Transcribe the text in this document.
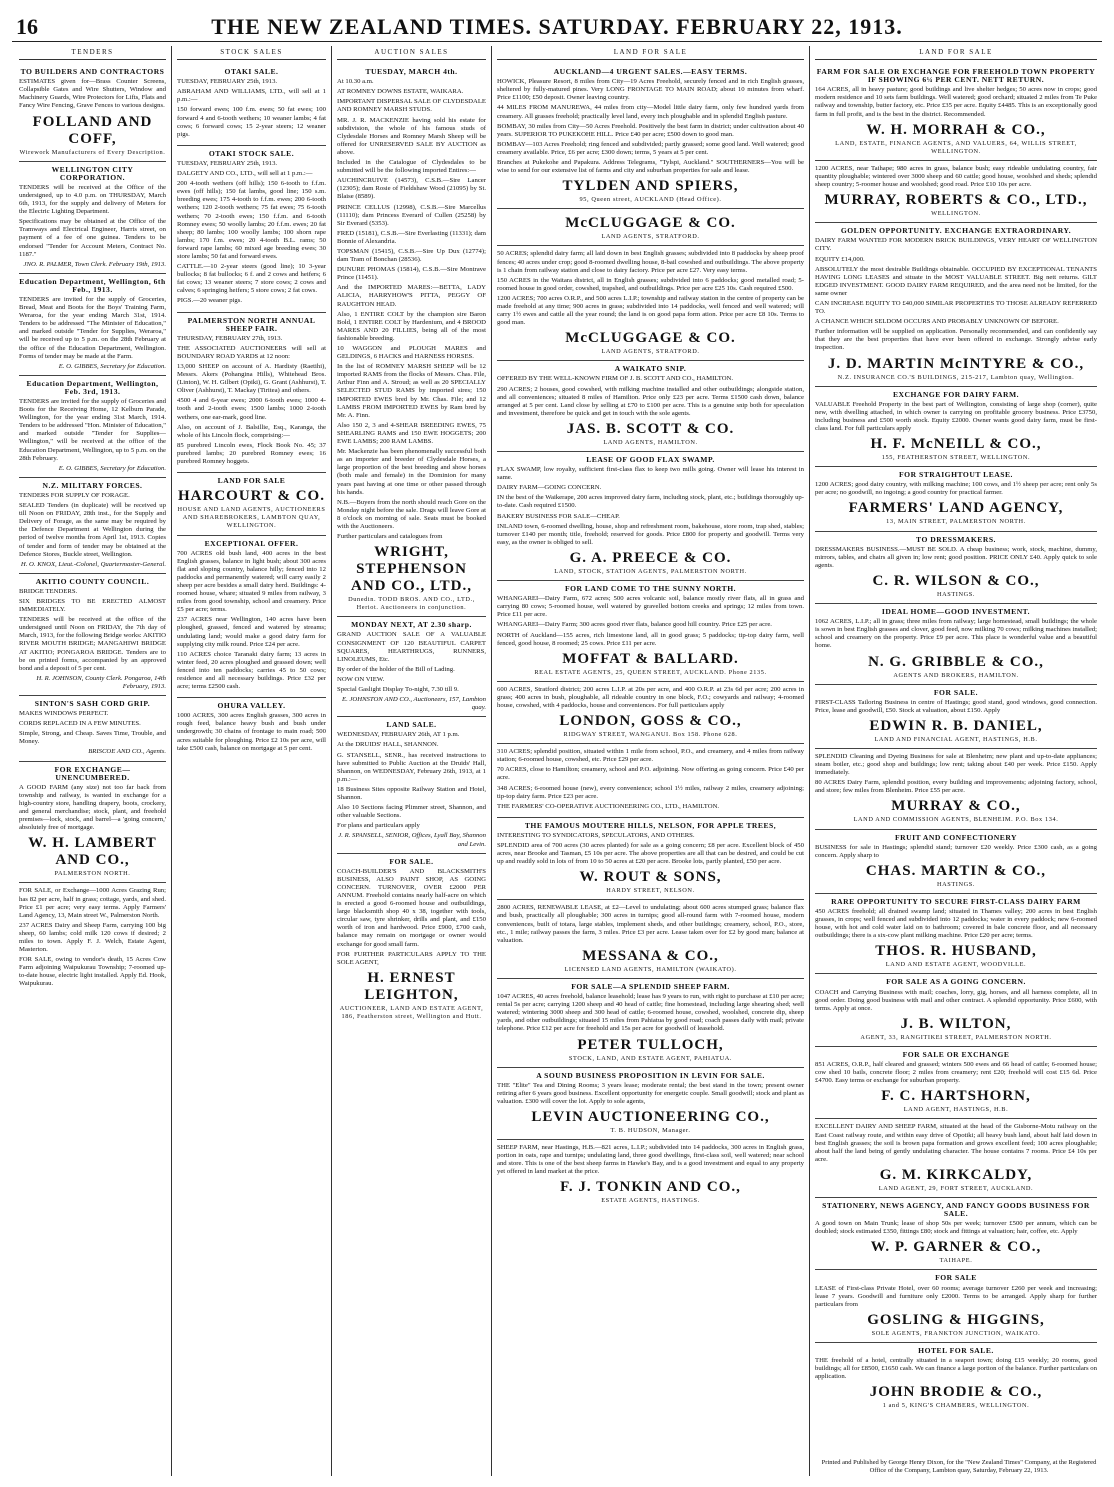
16	THE NEW ZEALAND TIMES. SATURDAY. FEBRUARY 22, 1913.
TENDERS
TO BUILDERS AND CONTRACTORS
ESTIMATES given for—Brass Counter Screens, Collapsible Gates and Wire Shutters, Window and Machinery Guards, Wire Protectors for Lifts, Flats and Fancy Wire Fencing, Grave Fences to various designs.
FOLLAND AND COFF,
Wirework Manufacturers of Every Description.
WELLINGTON CITY CORPORATION.
TENDERS will be received at the Office of the undersigned, up to 4.0 p.m. on THURSDAY, March 6th, 1913, for the supply and delivery of Meters for the Electric Lighting Department.
Specifications may be obtained at the Office of the Tramways and Electrical Engineer, Harris street, on payment of a fee of one guinea. Tenders to be endorsed "Tender for Account Meters, Contract No. 1187."
JNO. R. PALMER, Town Clerk. February 19th, 1913.
Education Department, Wellington, 6th Feb., 1913.
TENDERS are invited for the supply of Groceries, Bread, Meat and Boots for the Boys' Training Farm, Weraroa, for the year ending March 31st, 1914. Tenders to be addressed "The Minister of Education," and marked outside "Tender for Supplies, Weraroa," will be received up to 5 p.m. on the 28th February at the office of the Education Department, Wellington. Forms of tender may be made at the Farm.
E. O. GIBBES, Secretary for Education.
Education Department, Wellington, Feb. 3rd, 1913.
TENDERS are invited for the supply of Groceries and Boots for the Receiving Home, 12 Kelburn Parade, Wellington, for the year ending 31st March, 1914. Tenders to be addressed "Hon. Minister of Education," and marked outside "Tender for Supplies—Wellington," will be received at the office of the Education Department, Wellington, up to 5 p.m. on the 28th February.
E. O. GIBBES, Secretary for Education.
N.Z. MILITARY FORCES.
TENDERS FOR SUPPLY OF FORAGE.
SEALED Tenders (in duplicate) will be received up till Noon on FRIDAY, 28th inst., for the Supply and Delivery of Forage, as the same may be required by the Defence Department at Wellington during the period of twelve months from April 1st, 1913. Copies of tender and form of tender may be obtained at the Defence Stores, Buckle street, Wellington.
H. O. KNOX, Lieut.-Colonel, Quartermaster-General.
AKITIO COUNTY COUNCIL.
BRIDGE TENDERS.
SIX BRIDGES TO BE ERECTED ALMOST IMMEDIATELY.
TENDERS will be received at the office of the undersigned until Noon on FRIDAY, the 7th day of March, 1913, for the following Bridge works: AKITIO RIVER MOUTH BRIDGE; MANGAHIWI BRIDGE AT AKITIO; PONGAROA BRIDGE. Tenders are to be on printed forms, accompanied by an approved bond and a deposit of 5 per cent.
H. R. JOHNSON, County Clerk. Pongaroa, 14th February, 1913.
SINTON'S SASH CORD GRIP.
MAKES WINDOWS PERFECT.
CORDS REPLACED IN A FEW MINUTES.
Simple, Strong, and Cheap. Saves Time, Trouble, and Money.
BRISCOE AND CO., Agents.
FOR EXCHANGE—UNENCUMBERED.
A GOOD FARM (any size) not too far back from township and railway, is wanted in exchange for a high-country store, handling drapery, boots, crockery, and general merchandise; stock, plant, and freehold premises—lock, stock, and barrel—a 'going concern,' absolutely free of mortgage.
W. H. LAMBERT AND CO.,
PALMERSTON NORTH.
FOR SALE, or Exchange—1000 Acres Grazing Run; has 82 per acre, half in grass; cottage, yards, and shed. Price £1 per acre; very easy terms. Apply Farmers' Land Agency, 13, Main street W., Palmerston North.
237 ACRES Dairy and Sheep Farm, carrying 100 big sheep, 60 lambs; cold milk 120 cows if desired; 2 miles to town. Apply F. J. Welch, Estate Agent, Masterton.
FOR SALE, owing to vendor's death, 15 Acres Cow Farm adjoining Waipukurau Township; 7-roomed up-to-date house, electric light installed. Apply Ed. Hook, Waipukurau.
STOCK SALES
OTAKI SALE.
TUESDAY, FEBRUARY 25th, 1913.
ABRAHAM AND WILLIAMS, LTD., will sell at 1 p.m.:—
150 forward ewes; 100 f.m. ewes; 50 fat ewes; 100 forward 4 and 6-tooth wethers; 10 weaner lambs; 4 fat cows; 6 forward cows; 15 2-year steers; 12 weaner pigs.
OTAKI STOCK SALE.
TUESDAY, FEBRUARY 25th, 1913.
DALGETY AND CO., LTD., will sell at 1 p.m.:—
200 4-tooth wethers (off hills); 150 6-tooth to f.f.m. ewes (off hills); 150 fat lambs, good line; 150 s.m. breeding ewes; 175 4-tooth to f.f.m. ewes; 200 6-tooth wethers; 120 2-tooth wethers; 75 fat ewes; 75 6-tooth wethers; 70 2-tooth ewes; 150 f.f.m. and 6-tooth Romney ewes; 50 woolly lambs; 20 f.f.m. ewes; 20 fat sheep; 80 lambs; 100 woolly lambs; 100 shorn rape lambs; 170 f.m. ewes; 20 4-tooth B.L. rams; 50 forward rape lambs; 60 mixed age breeding ewes; 30 store lambs; 50 fat and forward ewes.
CATTLE.—10 2-year steers (good line); 10 3-year bullocks; 8 fat bullocks; 6 f. and 2 cows and heifers; 6 fat cows; 13 weaner steers; 7 store cows; 2 cows and calves; 6 springing heifers; 5 store cows; 2 fat cows.
PIGS.—20 weaner pigs.
PALMERSTON NORTH ANNUAL SHEEP FAIR.
THURSDAY, FEBRUARY 27th, 1913.
THE ASSOCIATED AUCTIONEERS will sell at BOUNDARY ROAD YARDS at 12 noon:
13,000 SHEEP on account of A. Hardisty (Raetihi), Messrs. Akers (Pohangina Hills), Whitehead Bros. (Linton), W. H. Gilbert (Opiki), G. Grant (Ashhurst), T. Oliver (Ashhurst), T. Mackay (Tiritea) and others.
4500 4 and 6-year ewes; 2000 6-tooth ewes; 1000 4-tooth and 2-tooth ewes; 1500 lambs; 1000 2-tooth wethers, one ear-mark, good line.
Also, on account of J. Balsillie, Esq., Karanga, the whole of his Lincoln flock, comprising:—
85 purebred Lincoln ewes, Flock Book No. 45; 37 purebred lambs; 20 purebred Romney ewes; 16 purebred Romney hoggets.
LAND FOR SALE
HARCOURT & CO.
HOUSE AND LAND AGENTS, AUCTIONEERS AND SHAREBROKERS, LAMBTON QUAY, WELLINGTON.
EXCEPTIONAL OFFER.
700 ACRES old bush land, 400 acres in the best English grasses, balance in light bush; about 300 acres flat and sloping country, balance hilly; fenced into 12 paddocks and permanently watered; will carry easily 2 sheep per acre besides a small dairy herd. Buildings: 4-roomed house, whare; situated 9 miles from railway, 3 miles from good township, school and creamery. Price £5 per acre; terms.
237 ACRES near Wellington, 140 acres have been ploughed, grassed, fenced and watered by streams; undulating land; would make a good dairy farm for supplying city milk round. Price £24 per acre.
110 ACRES choice Taranaki dairy farm; 13 acres in winter feed, 20 acres ploughed and grassed down; well fenced into ten paddocks; carries 45 to 50 cows; residence and all necessary buildings. Price £32 per acre; terms £2500 cash.
OHURA VALLEY.
1000 ACRES, 300 acres English grasses, 300 acres in rough feed, balance heavy bush and bush under undergrowth; 30 chains of frontage to main road; 500 acres suitable for ploughing. Price £2 10s per acre, will take £500 cash, balance on mortgage at 5 per cent.
AUCTION SALES
TUESDAY, MARCH 4th.
At 10.30 a.m.
AT ROMNEY DOWNS ESTATE, WAIKARA.
IMPORTANT DISPERSAL SALE OF CLYDESDALE AND ROMNEY MARSH STUDS.
MR. J. R. MACKENZIE having sold his estate for subdivision, the whole of his famous studs of Clydesdale Horses and Romney Marsh Sheep will be offered for UNRESERVED SALE BY AUCTION as above.
Included in the Catalogue of Clydesdales to be submitted will be the following imported Entires:—
AUCHINCRUIVE (14573), C.S.B.—Sire Lancer (12305); dam Rosie of Fieldshaw Wood (21095) by St. Blaise (8589).
PRINCE CELLUS (12998), C.S.B.—Sire Marcellus (11110); dam Princess Everard of Cullen (25258) by Sir Everard (5353).
FRED (15181), C.S.B.—Sire Everlasting (11331); dam Bonnie of Alexandria.
TOPSMAN (15415), C.S.B.—Sire Up Dux (12774); dam Tram of Bonchan (28536).
DUNURE PHOMAS (15814), C.S.B.—Sire Montrave Prince (11451).
And the IMPORTED MARES:—BETTA, LADY ALICIA, HARRYHOW'S PITTA, PEGGY OF RAUGHTON HEAD.
Also, 1 ENTIRE COLT by the champion sire Baron Bold, 1 ENTIRE COLT by Hardenium, and 4 BROOD MARES AND 20 FILLIES, being all of the most fashionable breeding.
10 WAGGON and PLOUGH MARES and GELDINGS, 6 HACKS and HARNESS HORSES.
In the list of ROMNEY MARSH SHEEP will be 12 imported RAMS from the flocks of Messrs. Chas. File, Arthur Finn and A. Stroud; as well as 20 SPECIALLY SELECTED STUD RAMS by imported sires; 150 IMPORTED EWES bred by Mr. Chas. File; and 12 LAMBS FROM IMPORTED EWES by Ram bred by Mr. A. Finn.
Also 150 2, 3 and 4-SHEAR BREEDING EWES, 75 SHEARLING RAMS and 150 EWE HOGGETS; 200 EWE LAMBS; 200 RAM LAMBS.
Mr. Mackenzie has been phenomenally successful both as an importer and breeder of Clydesdale Horses, a large proportion of the best breeding and show horses (both male and female) in the Dominion for many years past having at one time or other passed through his hands.
N.B.—Buyers from the north should reach Gore on the Monday night before the sale. Drags will leave Gore at 8 o'clock on morning of sale. Seats must be booked with the Auctioneers.
Further particulars and catalogues from
WRIGHT, STEPHENSON AND CO., LTD.,
Dunedin. TODD BROS. AND CO., LTD., Heriot. Auctioneers in conjunction.
MONDAY NEXT, AT 2.30 sharp.
GRAND AUCTION SALE OF A VALUABLE CONSIGNMENT OF 120 BEAUTIFUL CARPET SQUARES, HEARTHRUGS, RUNNERS, LINOLEUMS, Etc.
By order of the holder of the Bill of Lading.
NOW ON VIEW.
Special Gaslight Display To-night, 7.30 till 9.
E. JOHNSTON AND CO., Auctioneers, 157, Lambton quay.
LAND SALE.
WEDNESDAY, FEBRUARY 26th, AT 1 p.m.
At the DRUIDS' HALL, SHANNON.
G. STANSELL, SENR., has received instructions to have submitted to Public Auction at the Druids' Hall, Shannon, on WEDNESDAY, February 26th, 1913, at 1 p.m.:—
18 Business Sites opposite Railway Station and Hotel, Shannon.
Also 10 Sections facing Plimmer street, Shannon, and other valuable Sections.
For plans and particulars apply
J. R. SPANSELL, SENIOR, Offices, Lyall Bay, Shannon and Levin.
FOR SALE.
COACH-BUILDER'S AND BLACKSMITH'S BUSINESS, ALSO PAINT SHOP, AS GOING CONCERN. TURNOVER, OVER £2000 PER ANNUM. Freehold contains nearly half-acre on which is erected a good 6-roomed house and outbuildings, large blacksmith shop 40 x 38, together with tools, circular saw, tyre shrinker, drills and plant, and £150 worth of iron and hardwood. Price £900, £700 cash, balance may remain on mortgage or owner would exchange for good small farm.
FOR FURTHER PARTICULARS APPLY TO THE SOLE AGENT,
H. ERNEST LEIGHTON,
AUCTIONEER, LAND AND ESTATE AGENT, 186, Featherston street, Wellington and Hutt.
LAND FOR SALE
AUCKLAND—4 URGENT SALES.—EASY TERMS.
HOWICK, Pleasure Resort, 8 miles from City—19 Acres Freehold, securely fenced and in rich English grasses, sheltered by fully-matured pines. Very LONG FRONTAGE TO MAIN ROAD; about 10 minutes from wharf. Price £1100; £50 deposit. Owner leaving country.
44 MILES FROM MANUREWA, 44 miles from city—Model little dairy farm, only few hundred yards from creamery. All grasses freehold; practically level land, every inch ploughable and in splendid English pasture.
BOMBAY, 30 miles from City—50 Acres Freehold. Positively the best farm in district; under cultivation about 40 years. SUPERIOR TO PUKEKOHE HILL. Price £40 per acre; £500 down to good man.
BOMBAY—103 Acres Freehold; ring fenced and subdivided; partly grassed; some good land. Well watered; good creamery available. Price, £6 per acre; £300 down; terms, 5 years at 5 per cent.
Branches at Pukekohe and Papakura. Address Telegrams, "Tylspi, Auckland." SOUTHERNERS—You will be wise to send for our extensive list of farms and city and suburban properties for sale and lease.
TYLDEN AND SPIERS,
95, Queen street, AUCKLAND (Head Office).
McCLUGGAGE & CO.
LAND AGENTS, STRATFORD.
50 ACRES; splendid dairy farm; all laid down in best English grasses; subdivided into 8 paddocks by sheep proof fences; 40 acres under crop; good 8-roomed dwelling house, 8-bail cowshed and outbuildings. The above property is 1 chain from railway station and close to dairy factory. Price per acre £27. Very easy terms.
150 ACRES in the Waitara district, all in English grasses; subdivided into 6 paddocks; good metalled road; 5-roomed house in good order, cowshed, trapshed, and outbuildings. Price per acre £25 10s. Cash required £500.
1200 ACRES; 700 acres O.R.P., and 500 acres L.I.P.; township and railway station in the centre of property can be made freehold at any time; 900 acres in grass; subdivided into 14 paddocks, well fenced and well watered; will carry 1½ ewes and cattle all the year round; the land is on good papa form ation. Price per acre £8 10s. Terms to good man.
McCLUGGAGE & CO.
LAND AGENTS, STRATFORD.
A WAIKATO SNIP.
OFFERED BY THE WELL-KNOWN FIRM OF J. B. SCOTT AND CO., HAMILTON.
290 ACRES; 2 houses, good cowshed, with milking machine installed and other outbuildings; alongside station, and all conveniences; situated 8 miles of Hamilton. Price only £23 per acre. Terms £1500 cash down, balance arranged at 5 per cent. Land close by selling at £70 to £100 per acre. This is a genuine snip both for speculation and investment, therefore be quick and get in touch with the sole agents.
JAS. B. SCOTT & CO.
LAND AGENTS, HAMILTON.
LEASE OF GOOD FLAX SWAMP.
FLAX SWAMP, low royalty, sufficient first-class flax to keep two mills going. Owner will lease his interest in same.
DAIRY FARM—GOING CONCERN.
IN the best of the Waikerape, 200 acres improved dairy farm, including stock, plant, etc.; buildings thoroughly up-to-date. Cash required £1500.
BAKERY BUSINESS FOR SALE—CHEAP.
INLAND town, 6-roomed dwelling, house, shop and refreshment room, bakehouse, store room, trap shed, stables; turnover £140 per month; title, freehold; reserved for goods. Price £800 for property and goodwill. Terms very easy, as the owner is obliged to sell.
G. A. PREECE & CO.
LAND, STOCK, STATION AGENTS, PALMERSTON NORTH.
FOR LAND COME TO THE SUNNY NORTH.
WHANGAREI—Dairy Farm, 672 acres; 500 acres volcanic soil, balance mostly river flats, all in grass and carrying 80 cows; 5-roomed house, well watered by gravelled bottom creeks and springs; 12 miles from town. Price £11 per acre.
WHANGAREI—Dairy Farm; 300 acres good river flats, balance good hill country. Price £25 per acre.
NORTH of Auckland—155 acres, rich limestone land, all in good grass; 5 paddocks; tip-top dairy farm, well fenced, good house, 8 roomed; 25 cows. Price £11 per acre.
MOFFAT & BALLARD.
REAL ESTATE AGENTS, 25, QUEEN STREET, AUCKLAND. Phone 2135.
600 ACRES, Stratford district; 200 acres L.I.P. at 20s per acre, and 400 O.R.P. at 23s 6d per acre; 200 acres in grass; 400 acres in bush, ploughable, all rideable country in one block, F.O.; cowyards and railway; 4-roomed house, cowshed, with 4 paddocks, house and conveniences. For full particulars apply
LONDON, GOSS & CO.,
RIDGWAY STREET, WANGANUI. Box 158. Phone 628.
310 ACRES; splendid position, situated within 1 mile from school, P.O., and creamery, and 4 miles from railway station; 6-roomed house, cowshed, etc. Price £29 per acre.
70 ACRES, close to Hamilton; creamery, school and P.O. adjoining. Now offering as going concern. Price £40 per acre.
348 ACRES; 6-roomed house (new), every convenience; school 1½ miles, railway 2 miles, creamery adjoining; tip-top dairy farm. Price £23 per acre.
THE FARMERS' CO-OPERATIVE AUCTIONEERING CO., LTD., HAMILTON.
THE FAMOUS MOUTERE HILLS, NELSON, FOR APPLE TREES,
INTERESTING TO SYNDICATORS, SPECULATORS, AND OTHERS.
SPLENDID area of 700 acres (30 acres planted) for sale as a going concern; £8 per acre. Excellent block of 450 acres, near Brooke and Tasman, £5 10s per acre. The above properties are all that can be desired, and could be cut up and readily sold in lots of from 10 to 50 acres at £20 per acre. Brooke lots, partly planted, £50 per acre.
W. ROUT & SONS,
HARDY STREET, NELSON.
2800 ACRES, RENEWABLE LEASE, at £2—Level to undulating; about 600 acres stumped grass; balance flax and bush, practically all ploughable; 300 acres in turnips; good all-round farm with 7-roomed house, modern conveniences, built of totara, large stables, implement sheds, and other buildings; creamery, school, P.O., store, etc., 1 mile; railway passes the farm, 3 miles. Price £3 per acre. Lease taken over for £2 by good man; balance at valuation.
MESSANA & CO.,
LICENSED LAND AGENTS, HAMILTON (WAIKATO).
FOR SALE—A SPLENDID SHEEP FARM.
1047 ACRES, 40 acres freehold, balance leasehold; lease has 9 years to run, with right to purchase at £10 per acre; rental 5s per acre; carrying 1200 sheep and 40 head of cattle; fine homestead, including large shearing shed; well watered; wintering 3000 sheep and 300 head of cattle; 6-roomed house, cowshed, woolshed, concrete dip, sheep yards, and other outbuildings; situated 15 miles from Pahiatua by good road; coach passes daily with mail; private telephone. Price £12 per acre for freehold and 15s per acre for goodwill of leasehold.
PETER TULLOCH,
STOCK, LAND, AND ESTATE AGENT, PAHIATUA.
A SOUND BUSINESS PROPOSITION IN LEVIN FOR SALE.
THE "Elite" Tea and Dining Rooms; 3 years lease; moderate rental; the best stand in the town; present owner retiring after 6 years good business. Excellent opportunity for energetic couple. Small goodwill; stock and plant as valuation. £300 will cover the lot. Apply to sole agents,
LEVIN AUCTIONEERING CO.,
T. B. HUDSON, Manager.
SHEEP FARM, near Hastings, H.B.—821 acres, L.I.P.; subdivided into 14 paddocks, 300 acres in English grass, portion in oats, rape and turnips; undulating land, three good dwellings, first-class soil, well watered; near school and store. This is one of the best sheep farms in Hawke's Bay, and is a good investment and equal to any property yet offered in land market at the price.
F. J. TONKIN AND CO.,
ESTATE AGENTS, HASTINGS.
LAND FOR SALE
FARM FOR SALE OR EXCHANGE FOR FREEHOLD TOWN PROPERTY IF SHOWING 6¼ PER CENT. NETT RETURN.
164 ACRES, all in heavy pasture; good buildings and live shelter hedges; 50 acres now in crops; good modern residence and 10 sets farm buildings. Well watered; good orchard; situated 2 miles from Te Puke railway and township, butter factory, etc. Price £35 per acre. Equity £4485. This is an exceptionally good farm in full profit, and is the best in the district. Recommended.
W. H. MORRAH & CO.,
LAND, ESTATE, FINANCE AGENTS, AND VALUERS, 64, WILLIS STREET, WELLINGTON.
1200 ACRES, near Taihape; 980 acres in grass, balance bush; easy rideable undulating country, fair quantity ploughable; wintered over 3000 sheep and 60 cattle; good house, woolshed and sheds; splendid sheep country; 5-roomer house and woolshed; good road. Price £10 10s per acre.
MURRAY, ROBERTS & CO., LTD.,
WELLINGTON.
GOLDEN OPPORTUNITY. EXCHANGE EXTRAORDINARY.
DAIRY FARM WANTED FOR MODERN BRICK BUILDINGS, VERY HEART OF WELLINGTON CITY.
EQUITY £14,000.
ABSOLUTELY the most desirable Buildings obtainable. OCCUPIED BY EXCEPTIONAL TENANTS HAVING LONG LEASES and situate in the MOST VALUABLE STREET. Big nett returns. GILT EDGED INVESTMENT. GOOD DAIRY FARM REQUIRED, and the area need not be limited, for the same owner
CAN INCREASE EQUITY TO £40,000 SIMILAR PROPERTIES TO THOSE ALREADY REFERRED TO.
A CHANCE WHICH SELDOM OCCURS AND PROBABLY UNKNOWN OF BEFORE.
Further information will be supplied on application. Personally recommended, and can confidently say that they are the best properties that have ever been offered in exchange. Strongly advise early inspection.
J. D. MARTIN McINTYRE & CO.,
N.Z. INSURANCE CO.'S BUILDINGS, 215-217, Lambton quay, Wellington.
EXCHANGE FOR DAIRY FARM.
VALUABLE Freehold Property in the best part of Wellington, consisting of large shop (corner), quite new, with dwelling attached, in which owner is carrying on profitable grocery business. Price £3750, including business and £500 worth stock. Equity £2000. Owner wants good dairy farm, must be first-class land. For full particulars apply
H. F. McNEILL & CO.,
155, FEATHERSTON STREET, WELLINGTON.
FOR STRAIGHTOUT LEASE.
1200 ACRES; good dairy country, with milking machine; 100 cows, and 1½ sheep per acre; rent only 5s per acre; no goodwill, no ingoing; a good country for practical farmer.
FARMERS' LAND AGENCY,
13, MAIN STREET, PALMERSTON NORTH.
TO DRESSMAKERS.
DRESSMAKERS BUSINESS.—MUST BE SOLD. A cheap business; work, stock, machine, dummy, mirrors, tables, and chairs all given in; low rent; good position. PRICE ONLY £40. Apply quick to sole agents.
C. R. WILSON & CO.,
HASTINGS.
IDEAL HOME—GOOD INVESTMENT.
1062 ACRES, L.I.P.; all in grass; three miles from railway; large homestead, small buildings; the whole is sown in best English grasses and clover, good feed, now milking 70 cows; milking machines installed; school and creamery on the property. Price £9 per acre. This place is wonderful value and a beautiful home.
N. G. GRIBBLE & CO.,
AGENTS AND BROKERS, HAMILTON.
FOR SALE.
FIRST-CLASS Tailoring Business in centre of Hastings; good stand, good windows, good connection. Price, lease and goodwill, £50. Stock at valuation, about £150. Apply
EDWIN R. B. DANIEL,
LAND AND FINANCIAL AGENT, HASTINGS, H.B.
SPLENDID Cleaning and Dyeing Business for sale at Blenheim; new plant and up-to-date appliances; steam boiler, etc.; good shop and buildings; low rent; taking about £40 per week. Price £150. Apply immediately.
80 ACRES Dairy Farm, splendid position, every building and improvements; adjoining factory, school, and store; few miles from Blenheim. Price £55 per acre.
MURRAY & CO.,
LAND AND COMMISSION AGENTS, BLENHEIM. P.O. Box 134.
FRUIT AND CONFECTIONERY
BUSINESS for sale in Hastings; splendid stand; turnover £20 weekly. Price £300 cash, as a going concern. Apply sharp to
CHAS. MARTIN & CO.,
HASTINGS.
RARE OPPORTUNITY TO SECURE FIRST-CLASS DAIRY FARM
450 ACRES freehold; all drained swamp land; situated in Thames valley; 200 acres in best English grasses, in crops; well fenced and subdivided into 12 paddocks; water in every paddock; new 6-roomed house, with hot and cold water laid on to bathroom; covered in bale concrete floor, and all necessary outbuildings; there is a six-cow plant milking machine. Price £20 per acre; terms.
THOS. R. HUSBAND,
LAND AND ESTATE AGENT, WOODVILLE.
FOR SALE AS A GOING CONCERN.
COACH and Carrying Business with mail; coaches, lorry, gig, horses, and all harness complete, all in good order. Doing good business with mail and other contract. A splendid opportunity. Price £600, with terms. Apply at once.
J. B. WILTON,
AGENT, 33, RANGITIKEI STREET, PALMERSTON NORTH.
FOR SALE OR EXCHANGE
851 ACRES, O.R.P., half cleared and grassed; winters 500 ewes and 66 head of cattle; 6-roomed house; cow shed 10 bails, concrete floor; 2 miles from creamery; rent £20; freehold will cost £15 6d. Price £4700. Easy terms or exchange for suburban property.
F. C. HARTSHORN,
LAND AGENT, HASTINGS, H.B.
EXCELLENT DAIRY AND SHEEP FARM, situated at the head of the Gisborne-Motu railway on the East Coast railway route, and within easy drive of Opotiki; all heavy bush land, about half laid down in best English grasses; the soil is brown papa formation and grows excellent feed; 100 acres ploughable; about half the land being of gently undulating character. The house contains 7 rooms. Price £4 10s per acre.
G. M. KIRKCALDY,
LAND AGENT, 29, FORT STREET, AUCKLAND.
STATIONERY, NEWS AGENCY, AND FANCY GOODS BUSINESS FOR SALE.
A good town on Main Trunk; lease of shop 50s per week; turnover £500 per annum, which can be doubled; stock estimated £350, fittings £80; stock and fittings at valuation; hair, coffee, etc. Apply
W. P. GARNER & CO.,
TAIHAPE.
FOR SALE
LEASE of First-class Private Hotel, over 60 rooms; average turnover £260 per week and increasing; lease 7 years. Goodwill and furniture only £2000. Terms to be arranged. Apply sharp for further particulars from
GOSLING & HIGGINS,
SOLE AGENTS, FRANKTON JUNCTION, WAIKATO.
HOTEL FOR SALE.
THE freehold of a hotel, centrally situated in a seaport town; doing £15 weekly; 20 rooms, good buildings; all for £8500, £1650 cash. We can finance a large portion of the balance. Further particulars on application.
JOHN BRODIE & CO.,
1 and 5, KING'S CHAMBERS, WELLINGTON.
Printed and Published by George Henry Dixon, for the "New Zealand Times" Company, at the Registered Office of the Company, Lambton quay, Saturday, February 22, 1913.
